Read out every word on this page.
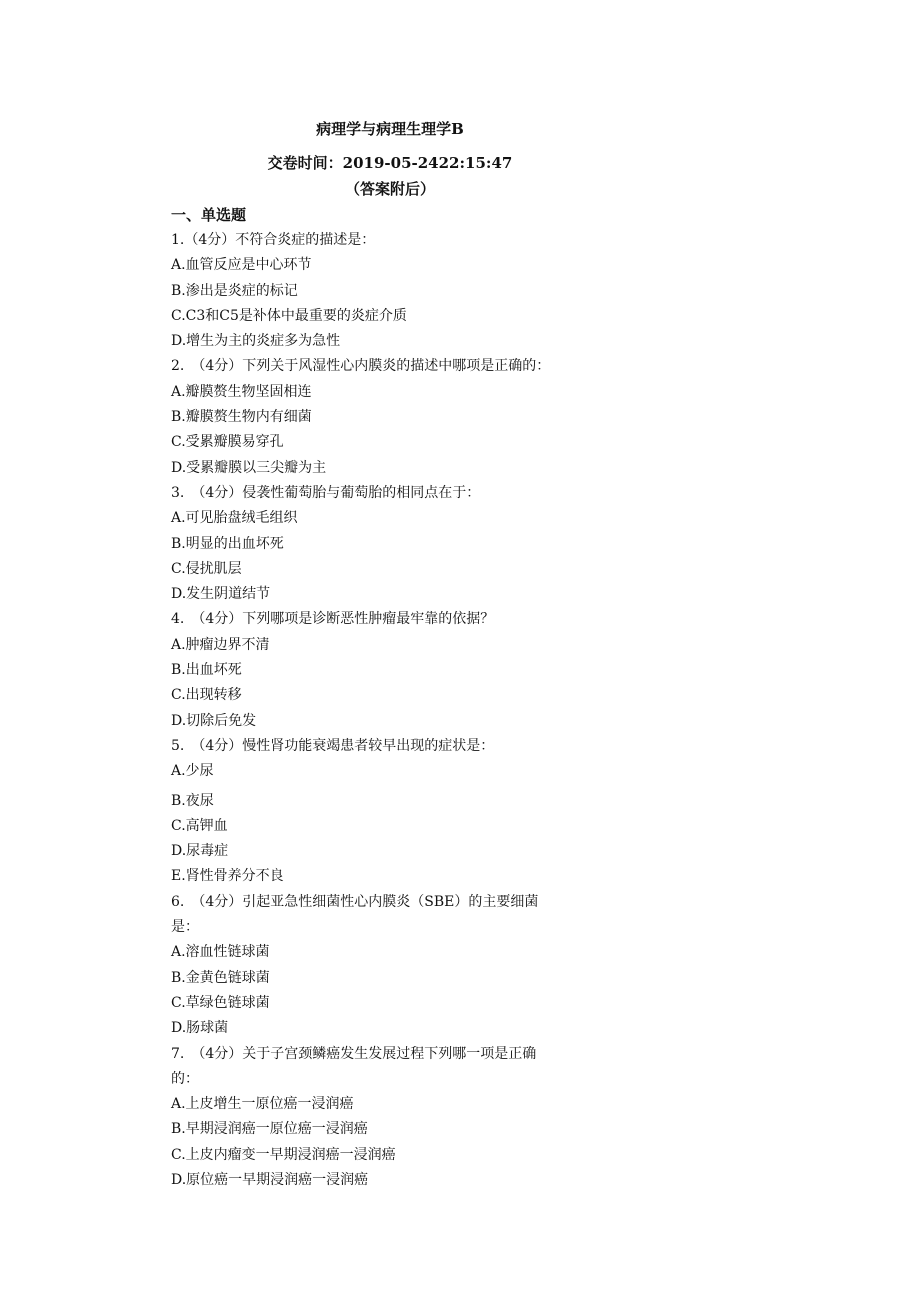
病理学与病理生理学B
交卷时间：2019-05-2422:15:47
（答案附后）
一、单选题
1.（4分）不符合炎症的描述是：
A.血管反应是中心环节
B.渗出是炎症的标记
C.C3和C5是补体中最重要的炎症介质
D.增生为主的炎症多为急性
2.　（4分）下列关于风湿性心内膜炎的描述中哪项是正确的：
A.瓣膜赘生物坚固相连
B.瓣膜赘生物内有细菌
C.受累瓣膜易穿孔
D.受累瓣膜以三尖瓣为主
3.　（4分）侵袭性葡萄胎与葡萄胎的相同点在于：
A.可见胎盘绒毛组织
B.明显的出血坏死
C.侵扰肌层
D.发生阴道结节
4.　（4分）下列哪项是诊断恶性肿瘤最牢靠的依据？
A.肿瘤边界不清
B.出血坏死
C.出现转移
D.切除后免发
5.　（4分）慢性肾功能衰竭患者较早出现的症状是：
A.少尿
B.夜尿
C.高钾血
D.尿毒症
E.肾性骨养分不良
6.　（4分）引起亚急性细菌性心内膜炎（SBE）的主要细菌
是：
A.溶血性链球菌
B.金黄色链球菌
C.草绿色链球菌
D.肠球菌
7.　（4分）关于子宫颈鳞癌发生发展过程下列哪一项是正确
的：
A.上皮增生一原位癌一浸润癌
B.早期浸润癌一原位癌一浸润癌
C.上皮内瘤变一早期浸润癌一浸润癌
D.原位癌一早期浸润癌一浸润癌
